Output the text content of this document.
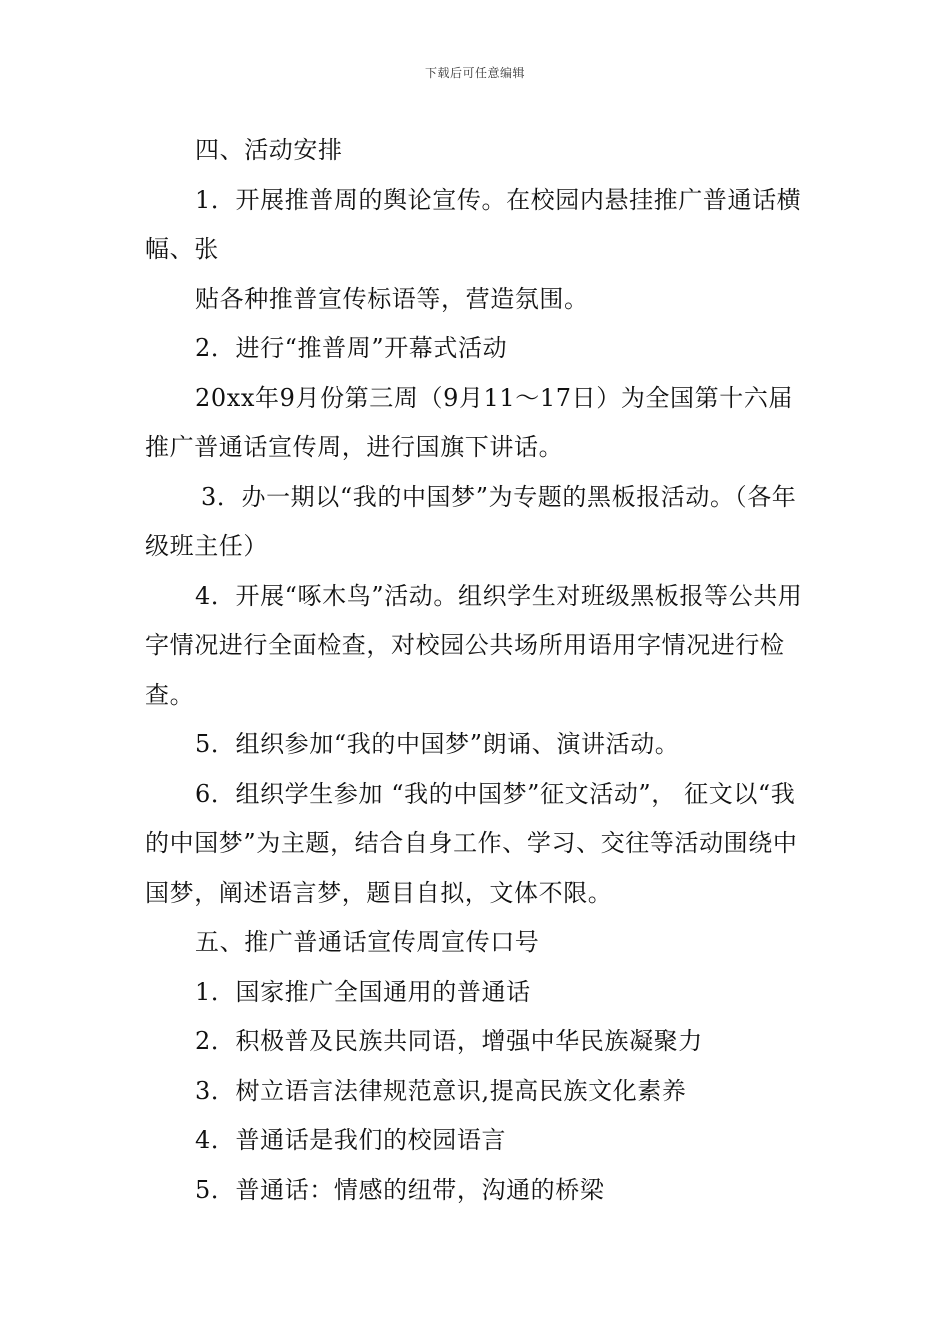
下载后可任意编辑

四、活动安排

1．开展推普周的舆论宣传。在校园内悬挂推广普通话横幅、张

贴各种推普宣传标语等，营造氛围。

2．进行“推普周”开幕式活动

20xx年9月份第三周（9月11～17日）为全国第十六届推广普通话宣传周，进行国旗下讲话。

3．办一期以“我的中国梦”为专题的黑板报活动。（各年级班主任）

4．开展“啄木鸟”活动。组织学生对班级黑板报等公共用字情况进行全面检查，对校园公共场所用语用字情况进行检查。

5．组织参加“我的中国梦”朗诵、演讲活动。

6．组织学生参加 “我的中国梦”征文活动”， 征文以“我的中国梦”为主题，结合自身工作、学习、交往等活动围绕中国梦，阐述语言梦，题目自拟，文体不限。

五、推广普通话宣传周宣传口号

1．国家推广全国通用的普通话

2．积极普及民族共同语，增强中华民族凝聚力

3．树立语言法律规范意识,提高民族文化素养

4．普通话是我们的校园语言

5．普通话：情感的纽带，沟通的桥梁
